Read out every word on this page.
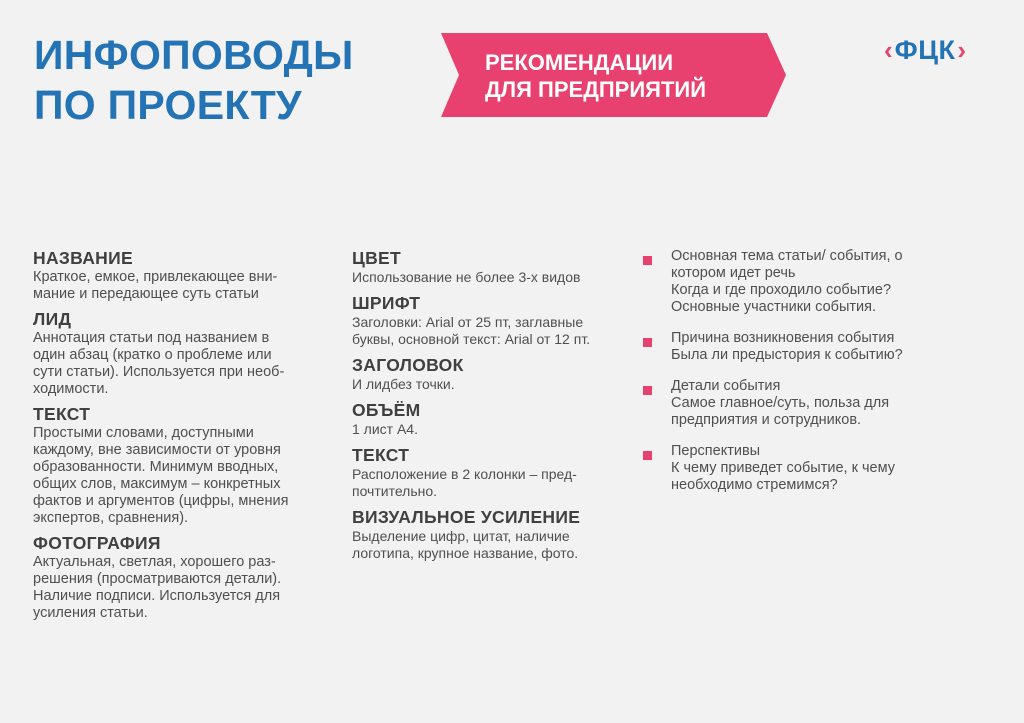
ИНФОПОВОДЫ
ПО ПРОЕКТУ
РЕКОМЕНДАЦИИ
ДЛЯ ПРЕДПРИЯТИЙ
‹ ФЦК ›

НАЗВАНИЕ

Краткое, емкое, привлекающее вни-
мание и передающее суть статьи

ЛИД

Аннотация статьи под названием в
один абзац (кратко о проблеме или
сути статьи). Используется при необ-
ходимости.

ТЕКСТ

Простыми словами, доступными
каждому, вне зависимости от уровня
образованности. Минимум вводных,
общих слов, максимум – конкретных
фактов и аргументов (цифры, мнения
экспертов, сравнения).

ФОТОГРАФИЯ

Актуальная, светлая, хорошего раз-
решения (просматриваются детали).
Наличие подписи. Используется для
усиления статьи.

ЦВЕТ

Использование не более 3-х видов

ШРИФТ

Заголовки: Arial от 25 пт, заглавные
буквы, основной текст: Arial от 12 пт.

ЗАГОЛОВОК

И лидбез точки.

ОБЪЁМ

1 лист А4.

ТЕКСТ

Расположение в 2 колонки – пред-
почтительно.

ВИЗУАЛЬНОЕ УСИЛЕНИЕ

Выделение цифр, цитат, наличие
логотипа, крупное название, фото.
Основная тема статьи/ события, о
котором идет речь
Когда и где проходило событие?
Основные участники события.
Причина возникновения события
Была ли предыстория к событию?
Детали события
Самое главное/суть, польза для
предприятия и сотрудников.
Перспективы
К чему приведет событие, к чему
необходимо стремимся?
